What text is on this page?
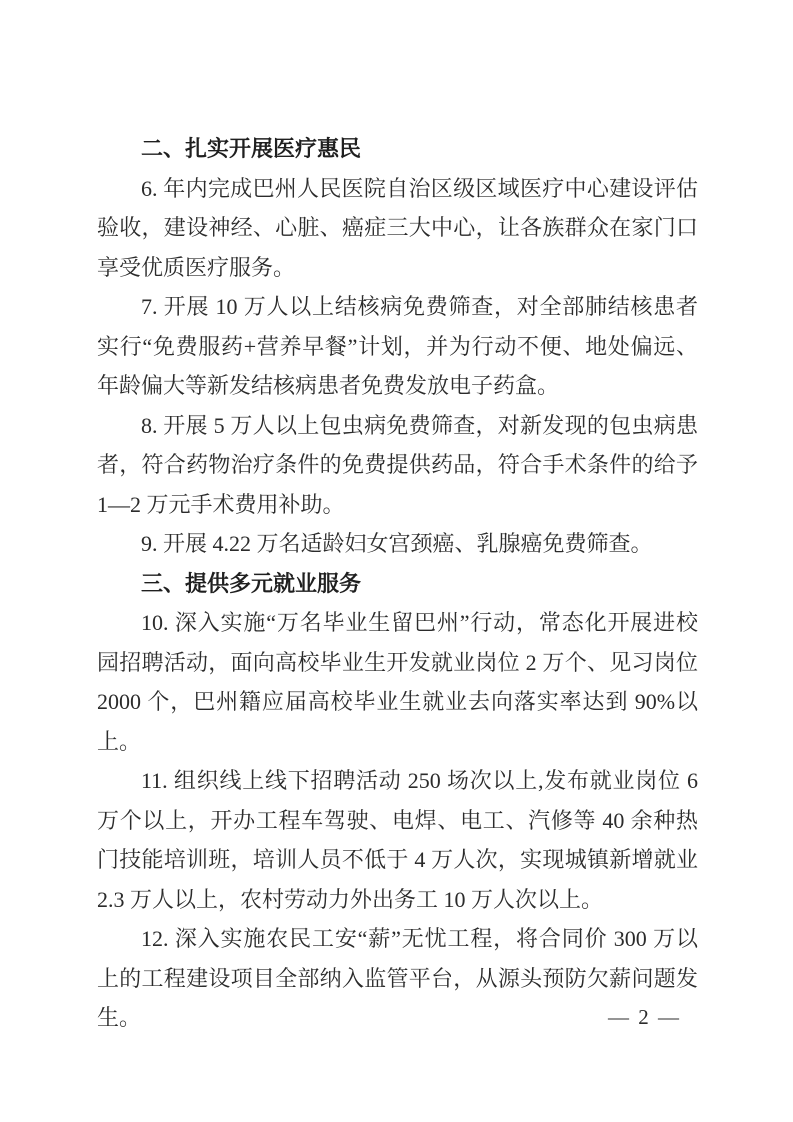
二、扎实开展医疗惠民

6. 年内完成巴州人民医院自治区级区域医疗中心建设评估验收，建设神经、心脏、癌症三大中心，让各族群众在家门口享受优质医疗服务。

7. 开展 10 万人以上结核病免费筛查，对全部肺结核患者实行“免费服药+营养早餐”计划，并为行动不便、地处偏远、年龄偏大等新发结核病患者免费发放电子药盒。

8. 开展 5 万人以上包虫病免费筛查，对新发现的包虫病患者，符合药物治疗条件的免费提供药品，符合手术条件的给予 1—2 万元手术费用补助。

9. 开展 4.22 万名适龄妇女宫颈癌、乳腺癌免费筛查。

三、提供多元就业服务

10. 深入实施“万名毕业生留巴州”行动，常态化开展进校园招聘活动，面向高校毕业生开发就业岗位 2 万个、见习岗位 2000 个，巴州籍应届高校毕业生就业去向落实率达到 90%以上。

11. 组织线上线下招聘活动 250 场次以上,发布就业岗位 6 万个以上，开办工程车驾驶、电焊、电工、汽修等 40 余种热门技能培训班，培训人员不低于 4 万人次，实现城镇新增就业 2.3 万人以上，农村劳动力外出务工 10 万人次以上。

12. 深入实施农民工安“薪”无忧工程，将合同价 300 万以上的工程建设项目全部纳入监管平台，从源头预防欠薪问题发生。	— 2 —
